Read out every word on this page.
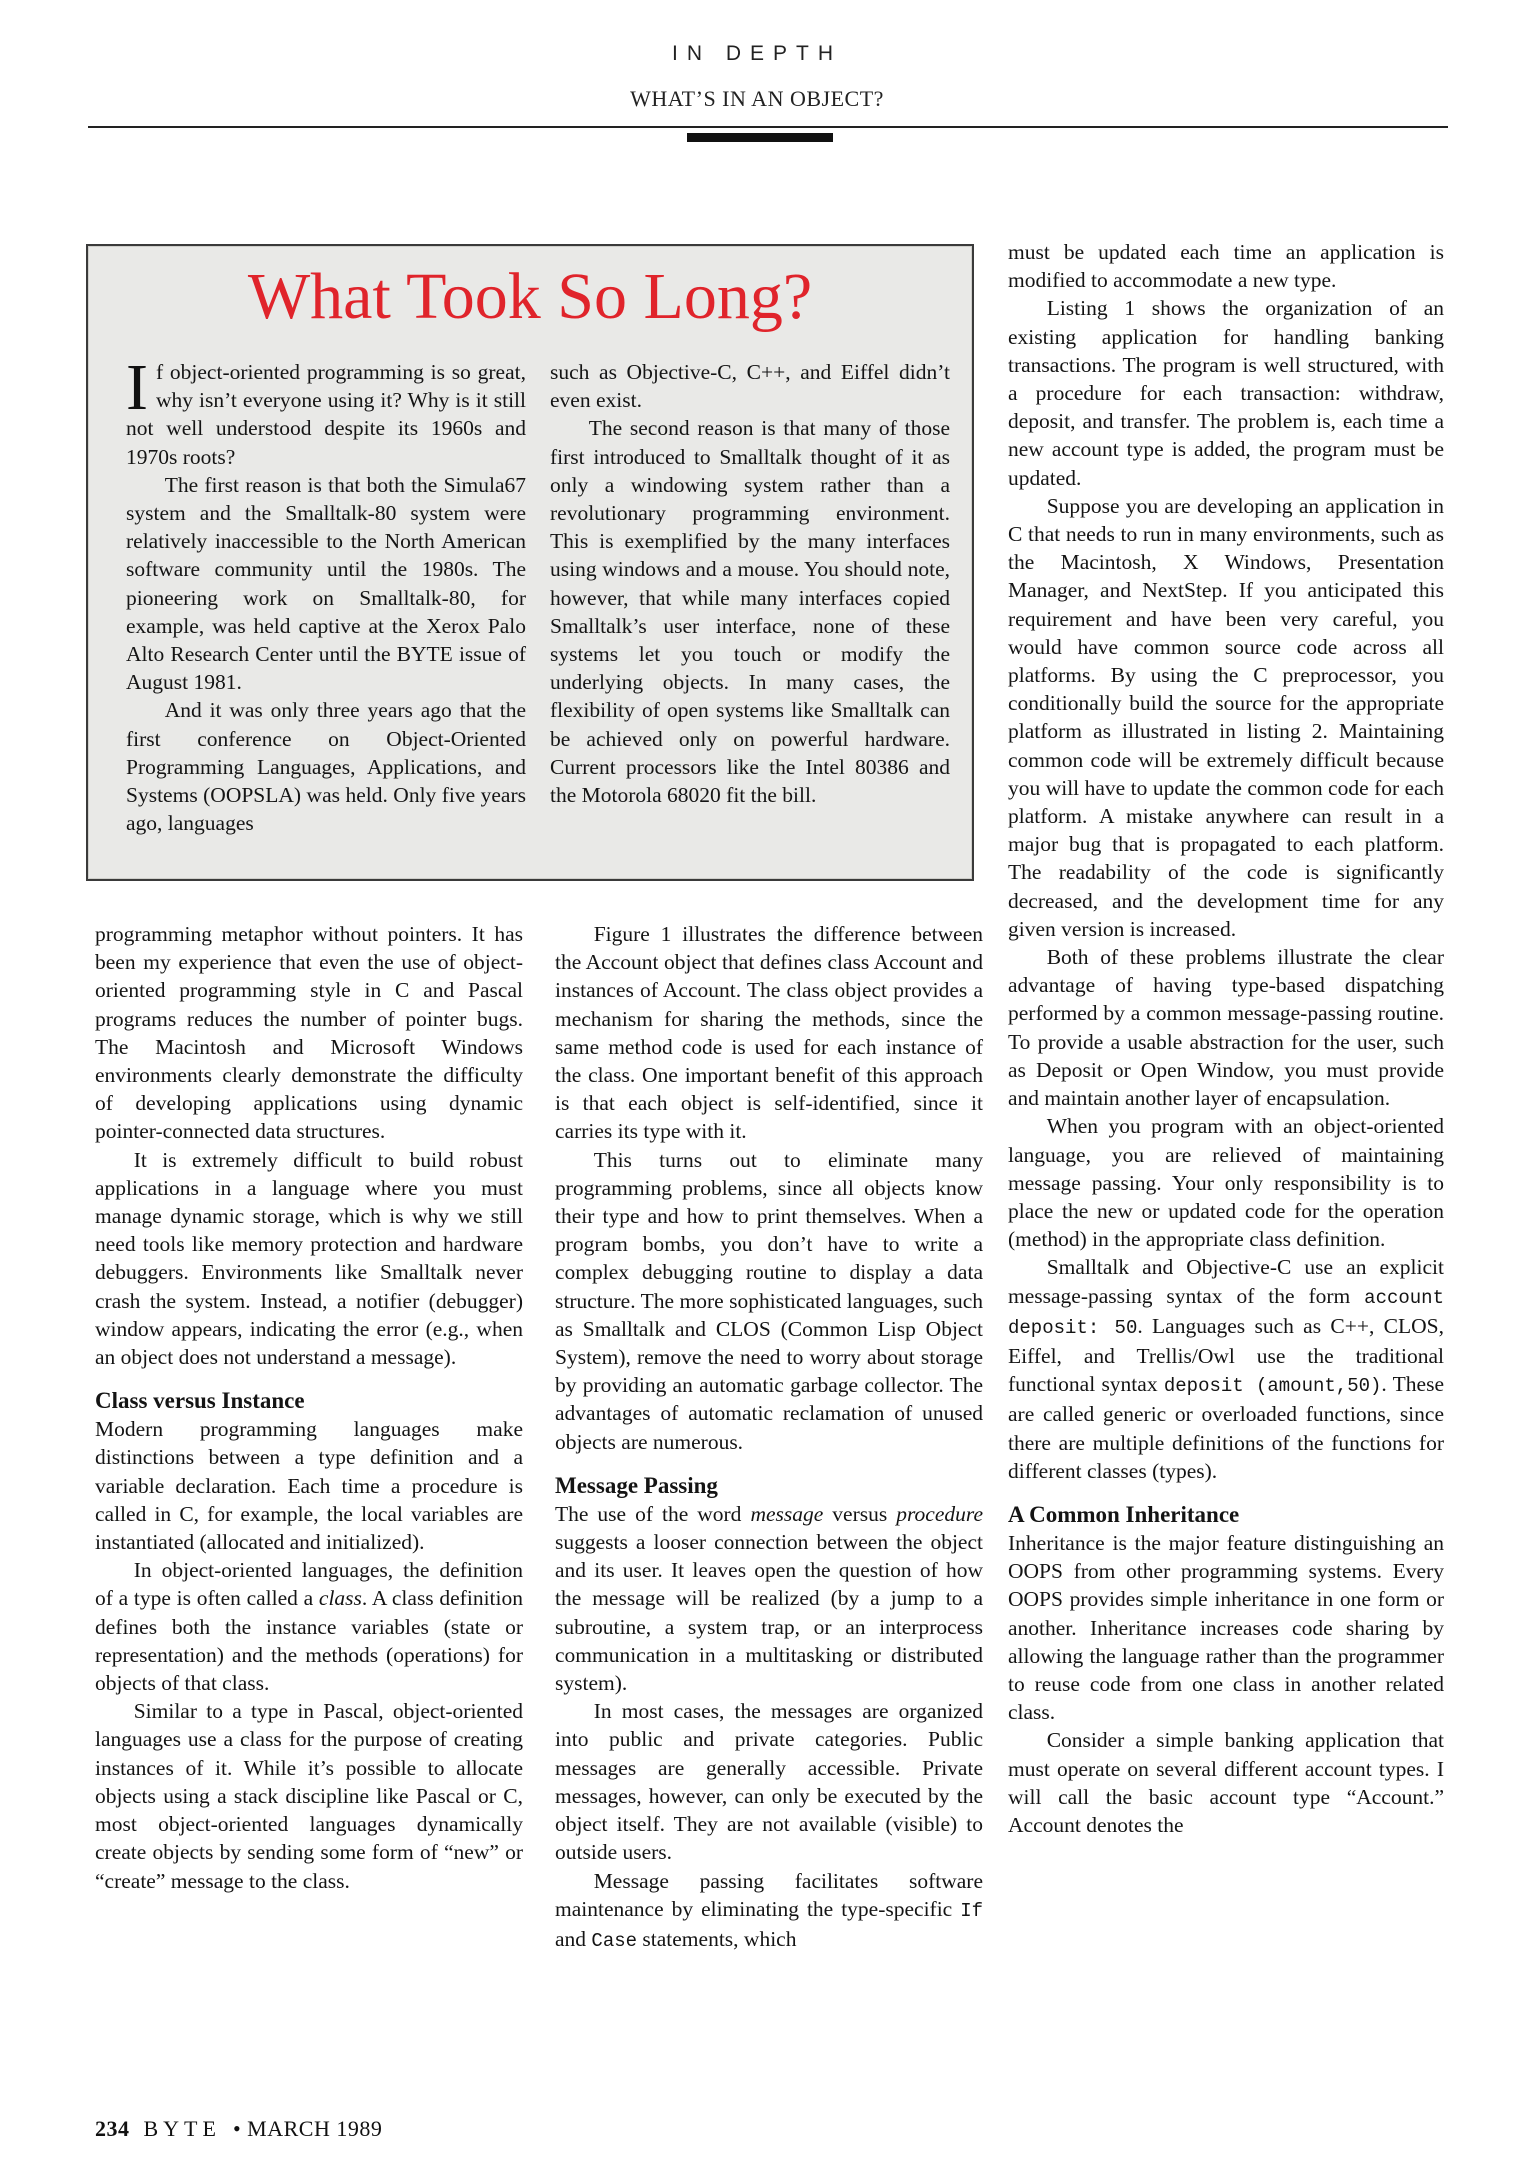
IN DEPTH
WHAT’S IN AN OBJECT?
What Took So Long?

If object-oriented programming is so great, why isn’t everyone using it? Why is it still not well understood despite its 1960s and 1970s roots?

The first reason is that both the Simula67 system and the Smalltalk-80 system were relatively inaccessible to the North American software community until the 1980s. The pioneering work on Smalltalk-80, for example, was held captive at the Xerox Palo Alto Research Center until the BYTE issue of August 1981.

And it was only three years ago that the first conference on Object-Oriented Programming Languages, Applications, and Systems (OOPSLA) was held. Only five years ago, languages

such as Objective-C, C++, and Eiffel didn’t even exist.

The second reason is that many of those first introduced to Smalltalk thought of it as only a windowing system rather than a revolutionary programming environment. This is exemplified by the many interfaces using windows and a mouse. You should note, however, that while many interfaces copied Smalltalk’s user interface, none of these systems let you touch or modify the underlying objects. In many cases, the flexibility of open systems like Smalltalk can be achieved only on powerful hardware. Current processors like the Intel 80386 and the Motorola 68020 fit the bill.

programming metaphor without pointers. It has been my experience that even the use of object-oriented programming style in C and Pascal programs reduces the number of pointer bugs. The Macintosh and Microsoft Windows environments clearly demonstrate the difficulty of developing applications using dynamic pointer-connected data structures.

It is extremely difficult to build robust applications in a language where you must manage dynamic storage, which is why we still need tools like memory protection and hardware debuggers. Environments like Smalltalk never crash the system. Instead, a notifier (debugger) window appears, indicating the error (e.g., when an object does not understand a message).

Class versus Instance

Modern programming languages make distinctions between a type definition and a variable declaration. Each time a procedure is called in C, for example, the local variables are instantiated (allocated and initialized).

In object-oriented languages, the definition of a type is often called a class. A class definition defines both the instance variables (state or representation) and the methods (operations) for objects of that class.

Similar to a type in Pascal, object-oriented languages use a class for the purpose of creating instances of it. While it’s possible to allocate objects using a stack discipline like Pascal or C, most object-oriented languages dynamically create objects by sending some form of “new” or “create” message to the class.

Figure 1 illustrates the difference between the Account object that defines class Account and instances of Account. The class object provides a mechanism for sharing the methods, since the same method code is used for each instance of the class. One important benefit of this approach is that each object is self-identified, since it carries its type with it.

This turns out to eliminate many programming problems, since all objects know their type and how to print themselves. When a program bombs, you don’t have to write a complex debugging routine to display a data structure. The more sophisticated languages, such as Smalltalk and CLOS (Common Lisp Object System), remove the need to worry about storage by providing an automatic garbage collector. The advantages of automatic reclamation of unused objects are numerous.

Message Passing

The use of the word message versus procedure suggests a looser connection between the object and its user. It leaves open the question of how the message will be realized (by a jump to a subroutine, a system trap, or an interprocess communication in a multitasking or distributed system).

In most cases, the messages are organized into public and private categories. Public messages are generally accessible. Private messages, however, can only be executed by the object itself. They are not available (visible) to outside users.

Message passing facilitates software maintenance by eliminating the type-specific If and Case statements, which

must be updated each time an application is modified to accommodate a new type.

Listing 1 shows the organization of an existing application for handling banking transactions. The program is well structured, with a procedure for each transaction: withdraw, deposit, and transfer. The problem is, each time a new account type is added, the program must be updated.

Suppose you are developing an application in C that needs to run in many environments, such as the Macintosh, X Windows, Presentation Manager, and NextStep. If you anticipated this requirement and have been very careful, you would have common source code across all platforms. By using the C preprocessor, you conditionally build the source for the appropriate platform as illustrated in listing 2. Maintaining common code will be extremely difficult because you will have to update the common code for each platform. A mistake anywhere can result in a major bug that is propagated to each platform. The readability of the code is significantly decreased, and the development time for any given version is increased.

Both of these problems illustrate the clear advantage of having type-based dispatching performed by a common message-passing routine. To provide a usable abstraction for the user, such as Deposit or Open Window, you must provide and maintain another layer of encapsulation.

When you program with an object-oriented language, you are relieved of maintaining message passing. Your only responsibility is to place the new or updated code for the operation (method) in the appropriate class definition.

Smalltalk and Objective-C use an explicit message-passing syntax of the form account deposit: 50. Languages such as C++, CLOS, Eiffel, and Trellis/Owl use the traditional functional syntax deposit (amount,50). These are called generic or overloaded functions, since there are multiple definitions of the functions for different classes (types).

A Common Inheritance

Inheritance is the major feature distinguishing an OOPS from other programming systems. Every OOPS provides simple inheritance in one form or another. Inheritance increases code sharing by allowing the language rather than the programmer to reuse code from one class in another related class.

Consider a simple banking application that must operate on several different account types. I will call the basic account type “Account.” Account denotes the

234 BYTE • MARCH 1989
